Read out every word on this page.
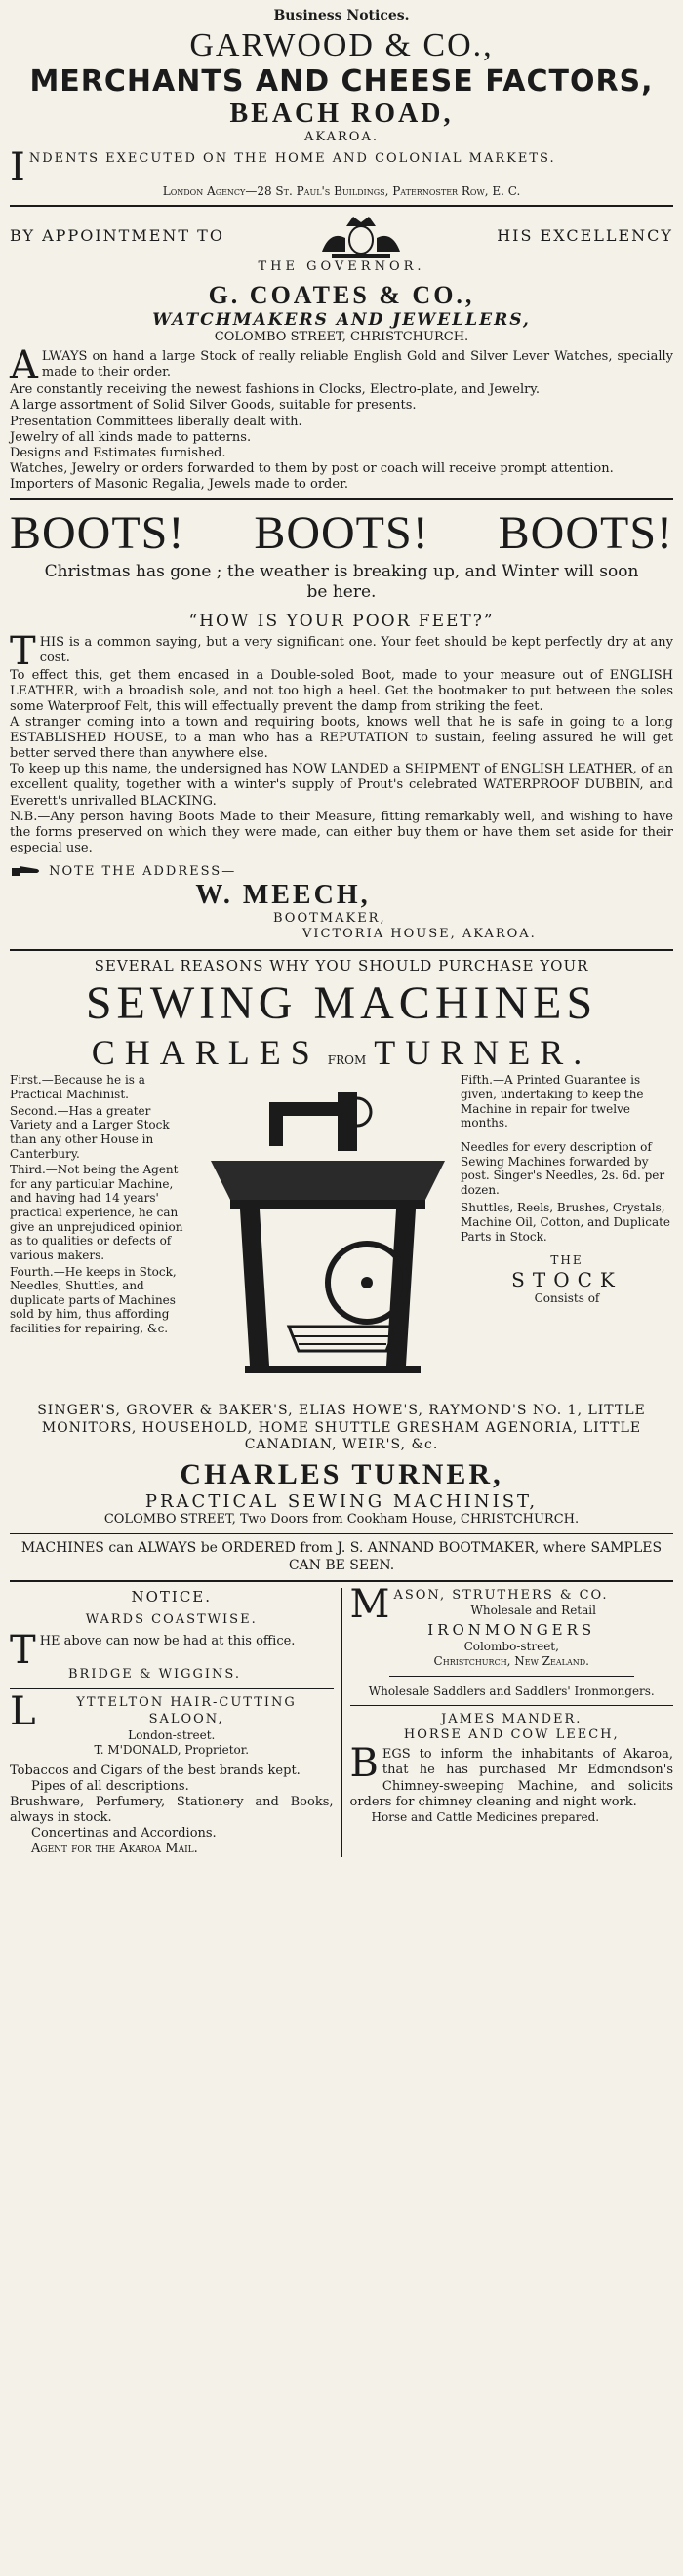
Business Notices.
GARWOOD & CO.,
MERCHANTS AND CHEESE FACTORS,
BEACH ROAD,
AKAROA.
I NDENTS EXECUTED ON THE HOME AND COLONIAL MARKETS.
London Agency—28 St. Paul's Buildings, Paternoster Row, E. C.
BY APPOINTMENT TO	HIS EXCELLENCY
THE GOVERNOR.
G. COATES & CO.,
WATCHMAKERS AND JEWELLERS,
COLOMBO STREET, CHRISTCHURCH.
A LWAYS on hand a large Stock of really reliable English Gold and Silver Lever Watches, specially made to their order.

Are constantly receiving the newest fashions in Clocks, Electro-plate, and Jewelry.

A large assortment of Solid Silver Goods, suitable for presents.

Presentation Committees liberally dealt with.

Jewelry of all kinds made to patterns.

Designs and Estimates furnished.

Watches, Jewelry or orders forwarded to them by post or coach will receive prompt attention.

Importers of Masonic Regalia, Jewels made to order.

BOOTS! BOOTS! BOOTS!
Christmas has gone ; the weather is breaking up, and Winter will soon be here.
“HOW IS YOUR POOR FEET?”
T HIS is a common saying, but a very significant one. Your feet should be kept perfectly dry at any cost.

To effect this, get them encased in a Double-soled Boot, made to your measure out of ENGLISH LEATHER, with a broadish sole, and not too high a heel. Get the bootmaker to put between the soles some Waterproof Felt, this will effectually prevent the damp from striking the feet.

A stranger coming into a town and requiring boots, knows well that he is safe in going to a long ESTABLISHED HOUSE, to a man who has a REPUTATION to sustain, feeling assured he will get better served there than anywhere else.

To keep up this name, the undersigned has NOW LANDED a SHIPMENT of ENGLISH LEATHER, of an excellent quality, together with a winter's supply of Prout's celebrated WATERPROOF DUBBIN, and Everett's unrivalled BLACKING.

N.B.—Any person having Boots Made to their Measure, fitting remarkably well, and wishing to have the forms preserved on which they were made, can either buy them or have them set aside for their especial use.

NOTE THE ADDRESS—
W. MEECH,
BOOTMAKER,
VICTORIA HOUSE, AKAROA.
SEVERAL REASONS WHY YOU SHOULD PURCHASE YOUR
SEWING MACHINES
CHARLES FROM TURNER.

First.—Because he is a Practical Machinist.

Second.—Has a greater Variety and a Larger Stock than any other House in Canterbury.

Third.—Not being the Agent for any particular Machine, and having had 14 years' practical experience, he can give an unprejudiced opinion as to qualities or defects of various makers.

Fourth.—He keeps in Stock, Needles, Shuttles, and duplicate parts of Machines sold by him, thus affording facilities for repairing, &c.

Fifth.—A Printed Guarantee is given, undertaking to keep the Machine in repair for twelve months.

Needles for every description of Sewing Machines forwarded by post. Singer's Needles, 2s. 6d. per dozen.

Shuttles, Reels, Brushes, Crystals, Machine Oil, Cotton, and Duplicate Parts in Stock.

THE
STOCK
Consists of
SINGER'S, GROVER & BAKER'S, ELIAS HOWE'S, RAYMOND'S NO. 1, LITTLE MONITORS, HOUSEHOLD, HOME SHUTTLE GRESHAM AGENORIA, LITTLE CANADIAN, WEIR'S, &c.
CHARLES TURNER,
PRACTICAL SEWING MACHINIST,
COLOMBO STREET, Two Doors from Cookham House, CHRISTCHURCH.
MACHINES can ALWAYS be ORDERED from J. S. ANNAND BOOTMAKER, where SAMPLES CAN BE SEEN.
NOTICE.
WARDS COASTWISE.
T HE above can now be had at this office.

BRIDGE & WIGGINS.
L	YTTELTON HAIR-CUTTING SALOON,
London-street.
T. M'DONALD, Proprietor.

Tobaccos and Cigars of the best brands kept.

Pipes of all descriptions.

Brushware, Perfumery, Stationery and Books, always in stock.

Concertinas and Accordions.

Agent for the Akaroa Mail.

M ASON, STRUTHERS & CO.
Wholesale and Retail
IRONMONGERS
Colombo-street,
Christchurch, New Zealand.
Wholesale Saddlers and Saddlers' Ironmongers.
JAMES MANDER.
HORSE AND COW LEECH,
B EGS to inform the inhabitants of Akaroa, that he has purchased Mr Edmondson's Chimney-sweeping Machine, and solicits orders for chimney cleaning and night work.

Horse and Cattle Medicines prepared.
